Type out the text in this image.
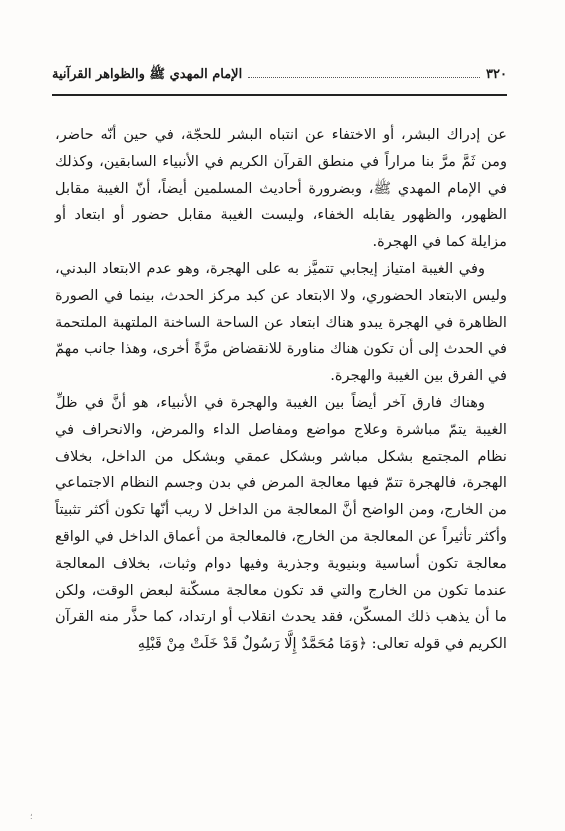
٣٢٠
الإمام المهدي ﷺ والظواهر القرآنية

عن إدراك البشر، أو الاختفاء عن انتباه البشر للحجّة، في حين أنّه حاضر، ومن ثَمَّ مرَّ بنا مراراً في منطق القرآن الكريم في الأنبياء السابقين، وكذلك في الإمام المهدي ﷺ، وبضرورة أحاديث المسلمين أيضاً، أنّ الغيبة مقابل الظهور، والظهور يقابله الخفاء، وليست الغيبة مقابل حضور أو ابتعاد أو مزايلة كما في الهجرة.

وفي الغيبة امتياز إيجابي تتميَّز به على الهجرة، وهو عدم الابتعاد البدني، وليس الابتعاد الحضوري، ولا الابتعاد عن كبد مركز الحدث، بينما في الصورة الظاهرة في الهجرة يبدو هناك ابتعاد عن الساحة الساخنة الملتهبة الملتحمة في الحدث إلى أن تكون هناك مناورة للانقضاض مرَّةً أخرى، وهذا جانب مهمّ في الفرق بين الغيبة والهجرة.

وهناك فارق آخر أيضاً بين الغيبة والهجرة في الأنبياء، هو أنَّ في ظلِّ الغيبة يتمّ مباشرة وعلاج مواضع ومفاصل الداء والمرض، والانحراف في نظام المجتمع بشكل مباشر وبشكل عمقي وبشكل من الداخل، بخلاف الهجرة، فالهجرة تتمّ فيها معالجة المرض في بدن وجسم النظام الاجتماعي من الخارج، ومن الواضح أنَّ المعالجة من الداخل لا ريب أنّها تكون أكثر تثبيتاً وأكثر تأثيراً عن المعالجة من الخارج، فالمعالجة من أعماق الداخل في الواقع معالجة تكون أساسية وبنيوية وجذرية وفيها دوام وثبات، بخلاف المعالجة عندما تكون من الخارج والتي قد تكون معالجة مسكّنة لبعض الوقت، ولكن ما أن يذهب ذلك المسكّن، فقد يحدث انقلاب أو ارتداد، كما حذَّر منه القرآن الكريم في قوله تعالى: ﴿وَمَا مُحَمَّدٌ إِلَّا رَسُولٌ قَدْ خَلَتْ مِنْ قَبْلِهِ

؛
